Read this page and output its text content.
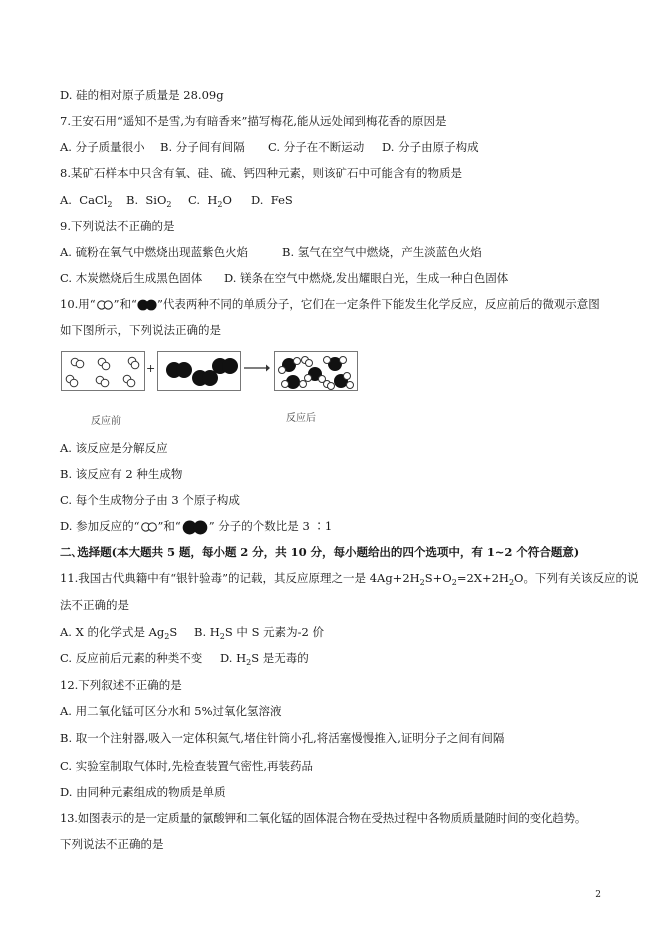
D. 硅的相对原子质量是 28.09g
7.王安石用“遥知不是雪,为有暗香来”描写梅花,能从远处闻到梅花香的原因是
A. 分子质量很小 B. 分子间有间隔 C. 分子在不断运动 D. 分子由原子构成
8.某矿石样本中只含有氧、硅、硫、钙四种元素，则该矿石中可能含有的物质是
A. CaCl$_2$ B. SiO$_2$ C. $H_2O$ D. FeS
9.下列说法不正确的是
A. 硫粉在氧气中燃烧出现蓝紫色火焰	B. 氢气在空气中燃烧，产生淡蓝色火焰
C. 木炭燃烧后生成黑色固体 D. 镁条在空气中燃烧,发出耀眼白光，生成一种白色固体
10.用“ ”和“ ”代表两种不同的单质分子，它们在一定条件下能发生化学反应，反应前后的微观示意图
如下图所示，下列说法正确的是
+
反应前	反应后
A. 该反应是分解反应
B. 该反应有 2 种生成物
C. 每个生成物分子由 3 个原子构成
D. 参加反应的“ ”和“ ” 分子的个数比是 3 ∶1
二､选择题(本大题共 5 题，每小题 2 分，共 10 分，每小题给出的四个选项中，有 1~2 个符合题意)
11.我国古代典籍中有“银针验毒”的记载，其反应原理之一是 $4Ag+2H_2S+O_2=2X+2H_2O$。下列有关该反应的说
法不正确的是
A. X 的化学式是 $Ag_2S$ B. $H_2S$ 中 S 元素为-2 价
C. 反应前后元素的种类不变 D. $H_2S$ 是无毒的
12.下列叙述不正确的是
A. 用二氧化锰可区分水和 5%过氧化氢溶液
B. 取一个注射器,吸入一定体积氮气,堵住针筒小孔,将活塞慢慢推入,证明分子之间有间隔
C. 实验室制取气体时,先检查装置气密性,再装药品
D. 由同种元素组成的物质是单质
13.如图表示的是一定质量的氯酸钾和二氧化锰的固体混合物在受热过程中各物质质量随时间的变化趋势。
下列说法不正确的是
2
